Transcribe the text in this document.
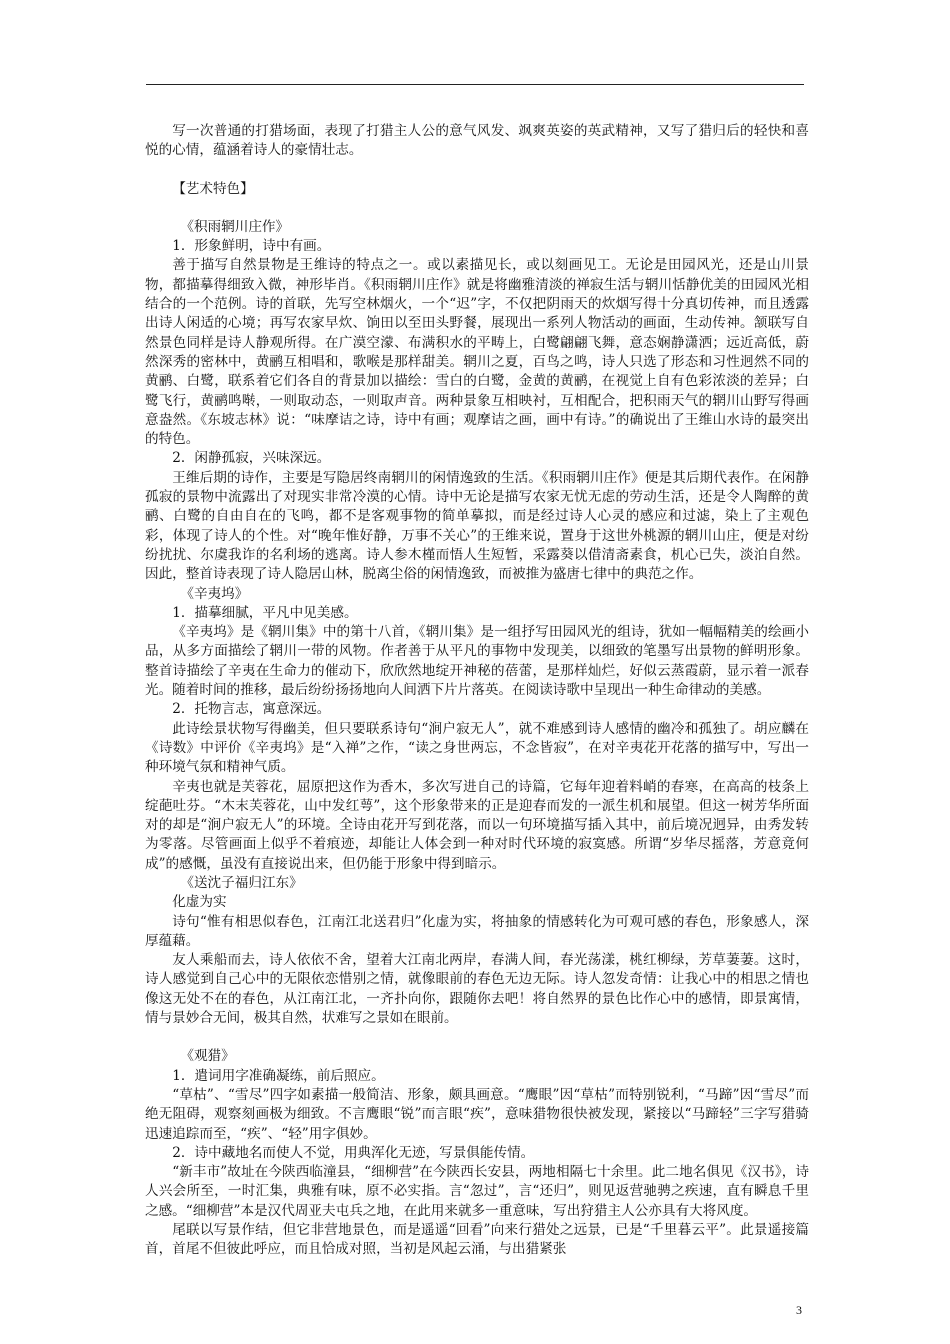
写一次普通的打猎场面，表现了打猎主人公的意气风发、飒爽英姿的英武精神，又写了猎归后的轻快和喜悦的心情，蕴涵着诗人的豪情壮志。

【艺术特色】

《积雨辋川庄作》

1．形象鲜明，诗中有画。

善于描写自然景物是王维诗的特点之一。或以素描见长，或以刻画见工。无论是田园风光，还是山川景物，都描摹得细致入微，神形毕肖。《积雨辋川庄作》就是将幽雅清淡的禅寂生活与辋川恬静优美的田园风光相结合的一个范例。诗的首联，先写空林烟火，一个“迟”字，不仅把阴雨天的炊烟写得十分真切传神，而且透露出诗人闲适的心境；再写农家早炊、饷田以至田头野餐，展现出一系列人物活动的画面，生动传神。颔联写自然景色同样是诗人静观所得。在广漠空濛、布满积水的平畴上，白鹭翩翩飞舞，意态娴静潇洒；远近高低，蔚然深秀的密林中，黄鹂互相唱和，歌喉是那样甜美。辋川之夏，百鸟之鸣，诗人只选了形态和习性迥然不同的黄鹂、白鹭，联系着它们各自的背景加以描绘：雪白的白鹭，金黄的黄鹂，在视觉上自有色彩浓淡的差异；白鹭飞行，黄鹂鸣啭，一则取动态，一则取声音。两种景象互相映衬，互相配合，把积雨天气的辋川山野写得画意盎然。《东坡志林》说：“味摩诘之诗，诗中有画；观摩诘之画，画中有诗。”的确说出了王维山水诗的最突出的特色。

2．闲静孤寂，兴味深远。

王维后期的诗作，主要是写隐居终南辋川的闲情逸致的生活。《积雨辋川庄作》便是其后期代表作。在闲静孤寂的景物中流露出了对现实非常冷漠的心情。诗中无论是描写农家无忧无虑的劳动生活，还是令人陶醉的黄鹂、白鹭的自由自在的飞鸣，都不是客观事物的简单摹拟，而是经过诗人心灵的感应和过滤，染上了主观色彩，体现了诗人的个性。对“晚年惟好静，万事不关心”的王维来说，置身于这世外桃源的辋川山庄，便是对纷纷扰扰、尔虞我诈的名利场的逃离。诗人参木槿而悟人生短暂，采露葵以借清斋素食，机心已失，淡泊自然。因此，整首诗表现了诗人隐居山林，脱离尘俗的闲情逸致，而被推为盛唐七律中的典范之作。

《辛夷坞》

1．描摹细腻，平凡中见美感。

《辛夷坞》是《辋川集》中的第十八首，《辋川集》是一组抒写田园风光的组诗，犹如一幅幅精美的绘画小品，从多方面描绘了辋川一带的风物。作者善于从平凡的事物中发现美，以细致的笔墨写出景物的鲜明形象。整首诗描绘了辛夷在生命力的催动下，欣欣然地绽开神秘的蓓蕾，是那样灿烂，好似云蒸霞蔚，显示着一派春光。随着时间的推移，最后纷纷扬扬地向人间洒下片片落英。在阅读诗歌中呈现出一种生命律动的美感。

2．托物言志，寓意深远。

此诗绘景状物写得幽美，但只要联系诗句“涧户寂无人”，就不难感到诗人感情的幽冷和孤独了。胡应麟在《诗数》中评价《辛夷坞》是“入禅”之作，“读之身世两忘，不念皆寂”，在对辛夷花开花落的描写中，写出一种环境气氛和精神气质。

辛夷也就是芙蓉花，屈原把这作为香木，多次写进自己的诗篇，它每年迎着料峭的春寒，在高高的枝条上绽葩吐芬。“木末芙蓉花，山中发红萼”，这个形象带来的正是迎春而发的一派生机和展望。但这一树芳华所面对的却是“涧户寂无人”的环境。全诗由花开写到花落，而以一句环境描写插入其中，前后境况迥异，由秀发转为零落。尽管画面上似乎不着痕迹，却能让人体会到一种对时代环境的寂寞感。所谓“岁华尽摇落，芳意竟何成”的感慨，虽没有直接说出来，但仍能于形象中得到暗示。

《送沈子福归江东》

化虚为实

诗句“惟有相思似春色，江南江北送君归”化虚为实，将抽象的情感转化为可观可感的春色，形象感人，深厚蕴藉。

友人乘船而去，诗人依依不舍，望着大江南北两岸，春满人间，春光荡漾，桃红柳绿，芳草萋萋。这时，诗人感觉到自己心中的无限依恋惜别之情，就像眼前的春色无边无际。诗人忽发奇情：让我心中的相思之情也像这无处不在的春色，从江南江北，一齐扑向你，跟随你去吧！将自然界的景色比作心中的感情，即景寓情，情与景妙合无间，极其自然，状难写之景如在眼前。

《观猎》

1．遣词用字准确凝练，前后照应。

“草枯”、“雪尽”四字如素描一般简洁、形象，颇具画意。“鹰眼”因“草枯”而特别锐利，“马蹄”因“雪尽”而绝无阻碍，观察刻画极为细致。不言鹰眼“锐”而言眼“疾”，意味猎物很快被发现，紧接以“马蹄轻”三字写猎骑迅速追踪而至，“疾”、“轻”用字俱妙。

2．诗中藏地名而使人不觉，用典浑化无迹，写景俱能传情。

“新丰市”故址在今陕西临潼县，“细柳营”在今陕西长安县，两地相隔七十余里。此二地名俱见《汉书》，诗人兴会所至，一时汇集，典雅有味，原不必实指。言“忽过”，言“还归”，则见返营驰骋之疾速，直有瞬息千里之感。“细柳营”本是汉代周亚夫屯兵之地，在此用来就多一重意味，写出狩猎主人公亦具有大将风度。

尾联以写景作结，但它非营地景色，而是遥遥“回看”向来行猎处之远景，已是“千里暮云平”。此景遥接篇首，首尾不但彼此呼应，而且恰成对照，当初是风起云涌，与出猎紧张

3
